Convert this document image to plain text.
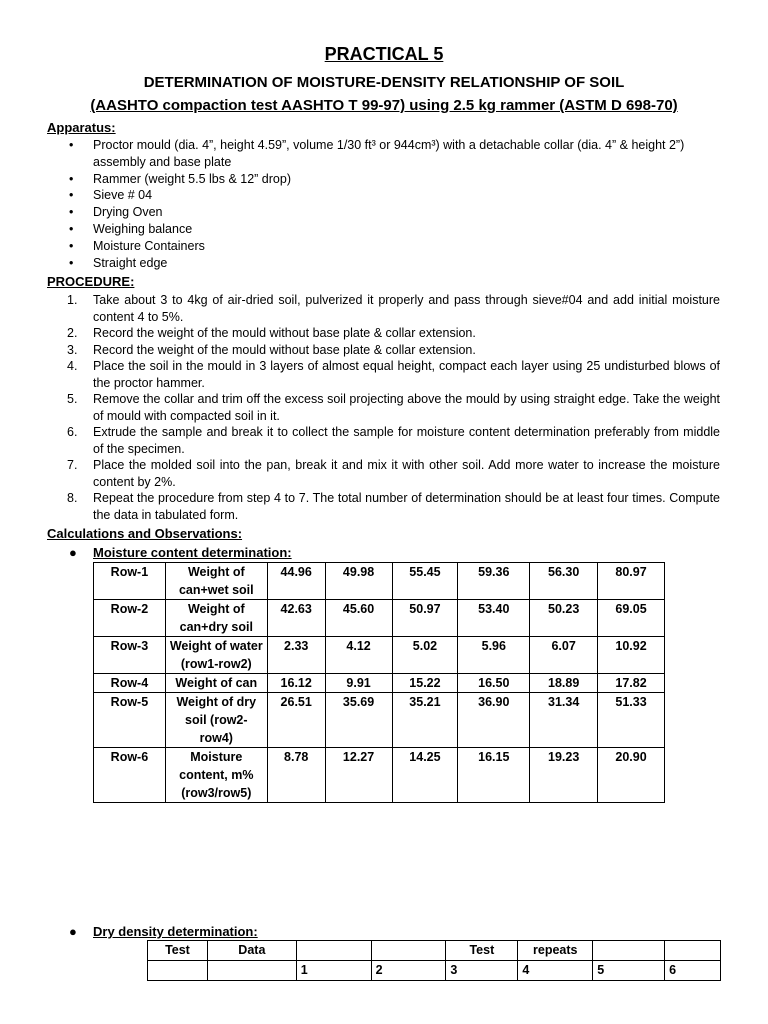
PRACTICAL 5
DETERMINATION OF MOISTURE-DENSITY RELATIONSHIP OF SOIL
(AASHTO compaction test AASHTO T 99-97) using 2.5 kg rammer (ASTM D 698-70)
Apparatus:
• Proctor mould (dia. 4”, height 4.59”, volume 1/30 ft³ or 944cm³) with a detachable collar (dia. 4” & height 2”) assembly and base plate
• Rammer (weight 5.5 lbs & 12” drop)
• Sieve # 04
• Drying Oven
• Weighing balance
• Moisture Containers
• Straight edge
PROCEDURE:
1. Take about 3 to 4kg of air-dried soil, pulverized it properly and pass through sieve#04 and add initial moisture content 4 to 5%.
2. Record the weight of the mould without base plate & collar extension.
3. Record the weight of the mould without base plate & collar extension.
4. Place the soil in the mould in 3 layers of almost equal height, compact each layer using 25 undisturbed blows of the proctor hammer.
5. Remove the collar and trim off the excess soil projecting above the mould by using straight edge. Take the weight of mould with compacted soil in it.
6. Extrude the sample and break it to collect the sample for moisture content determination preferably from middle of the specimen.
7. Place the molded soil into the pan, break it and mix it with other soil. Add more water to increase the moisture content by 2%.
8. Repeat the procedure from step 4 to 7. The total number of determination should be at least four times. Compute the data in tabulated form.
Calculations and Observations:
● Moisture content determination:
Row-1	Weight of can+wet soil	44.96	49.98	55.45	59.36	56.30	80.97
Row-2	Weight of can+dry soil	42.63	45.60	50.97	53.40	50.23	69.05
Row-3	Weight of water (row1-row2)	2.33	4.12	5.02	5.96	6.07	10.92
Row-4	Weight of can	16.12	9.91	15.22	16.50	18.89	17.82
Row-5	Weight of dry soil (row2-row4)	26.51	35.69	35.21	36.90	31.34	51.33
Row-6	Moisture content, m% (row3/row5)	8.78	12.27	14.25	16.15	19.23	20.90
● Dry density determination:
Test	Data			Test	repeats		
		1	2	3	4	5	6
